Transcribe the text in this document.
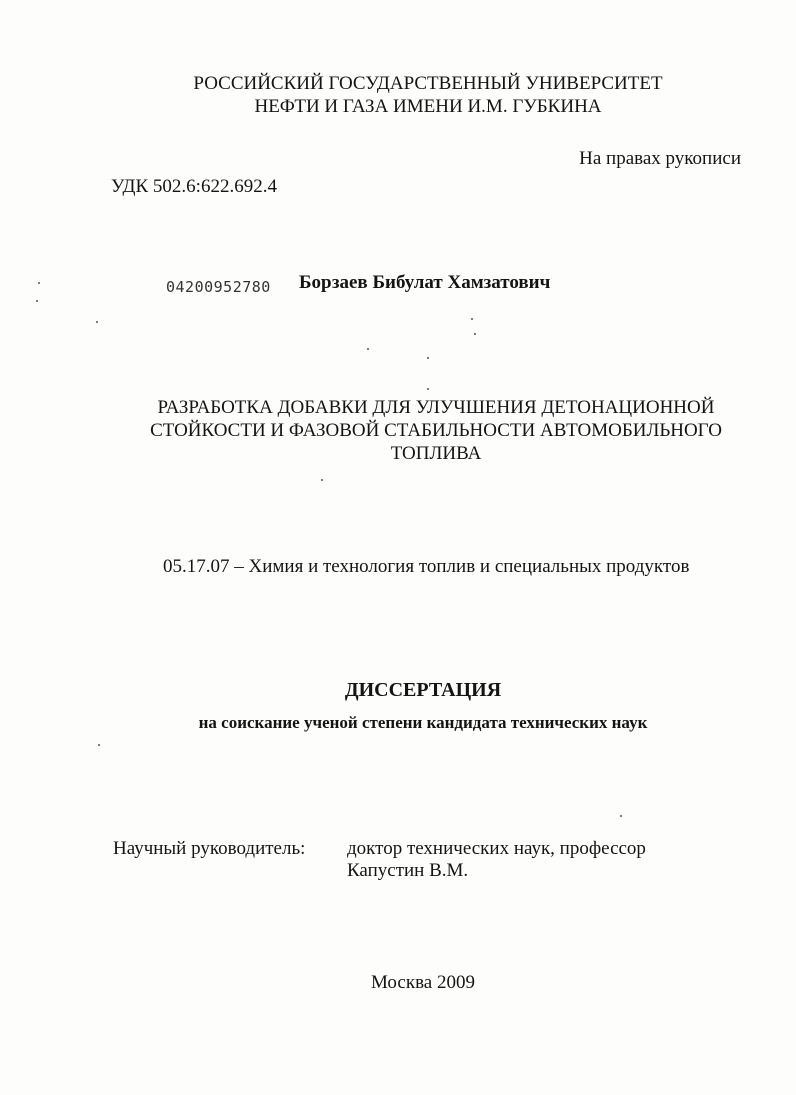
РОССИЙСКИЙ ГОСУДАРСТВЕННЫЙ УНИВЕРСИТЕТ
НЕФТИ И ГАЗА ИМЕНИ И.М. ГУБКИНА
На правах рукописи
УДК 502.6:622.692.4
04200952780 Борзаев Бибулат Хамзатович
РАЗРАБОТКА ДОБАВКИ ДЛЯ УЛУЧШЕНИЯ ДЕТОНАЦИОННОЙ
СТОЙКОСТИ И ФАЗОВОЙ СТАБИЛЬНОСТИ АВТОМОБИЛЬНОГО
ТОПЛИВА
05.17.07 – Химия и технология топлив и специальных продуктов
ДИССЕРТАЦИЯ
на соискание ученой степени кандидата технических наук
Научный руководитель: доктор технических наук, профессор
Капустин В.М.
Москва 2009
